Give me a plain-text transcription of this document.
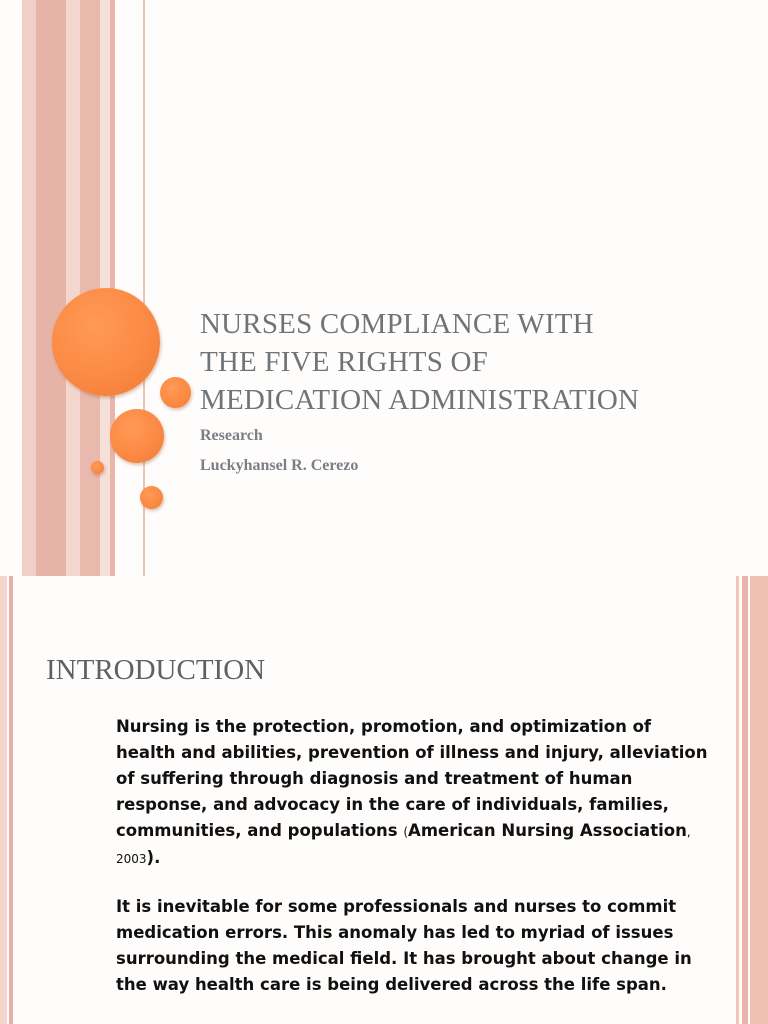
NURSES COMPLIANCE WITH
THE FIVE RIGHTS OF
MEDICATION ADMINISTRATION

Research

Luckyhansel R. Cerezo

INTRODUCTION

Nursing is the protection, promotion, and optimization of health and abilities, prevention of illness and injury, alleviation of suffering through diagnosis and treatment of human response, and advocacy in the care of individuals, families, communities, and populations (American Nursing Association, 2003).

It is inevitable for some professionals and nurses to commit medication errors. This anomaly has led to myriad of issues surrounding the medical field. It has brought about change in the way health care is being delivered across the life span.
